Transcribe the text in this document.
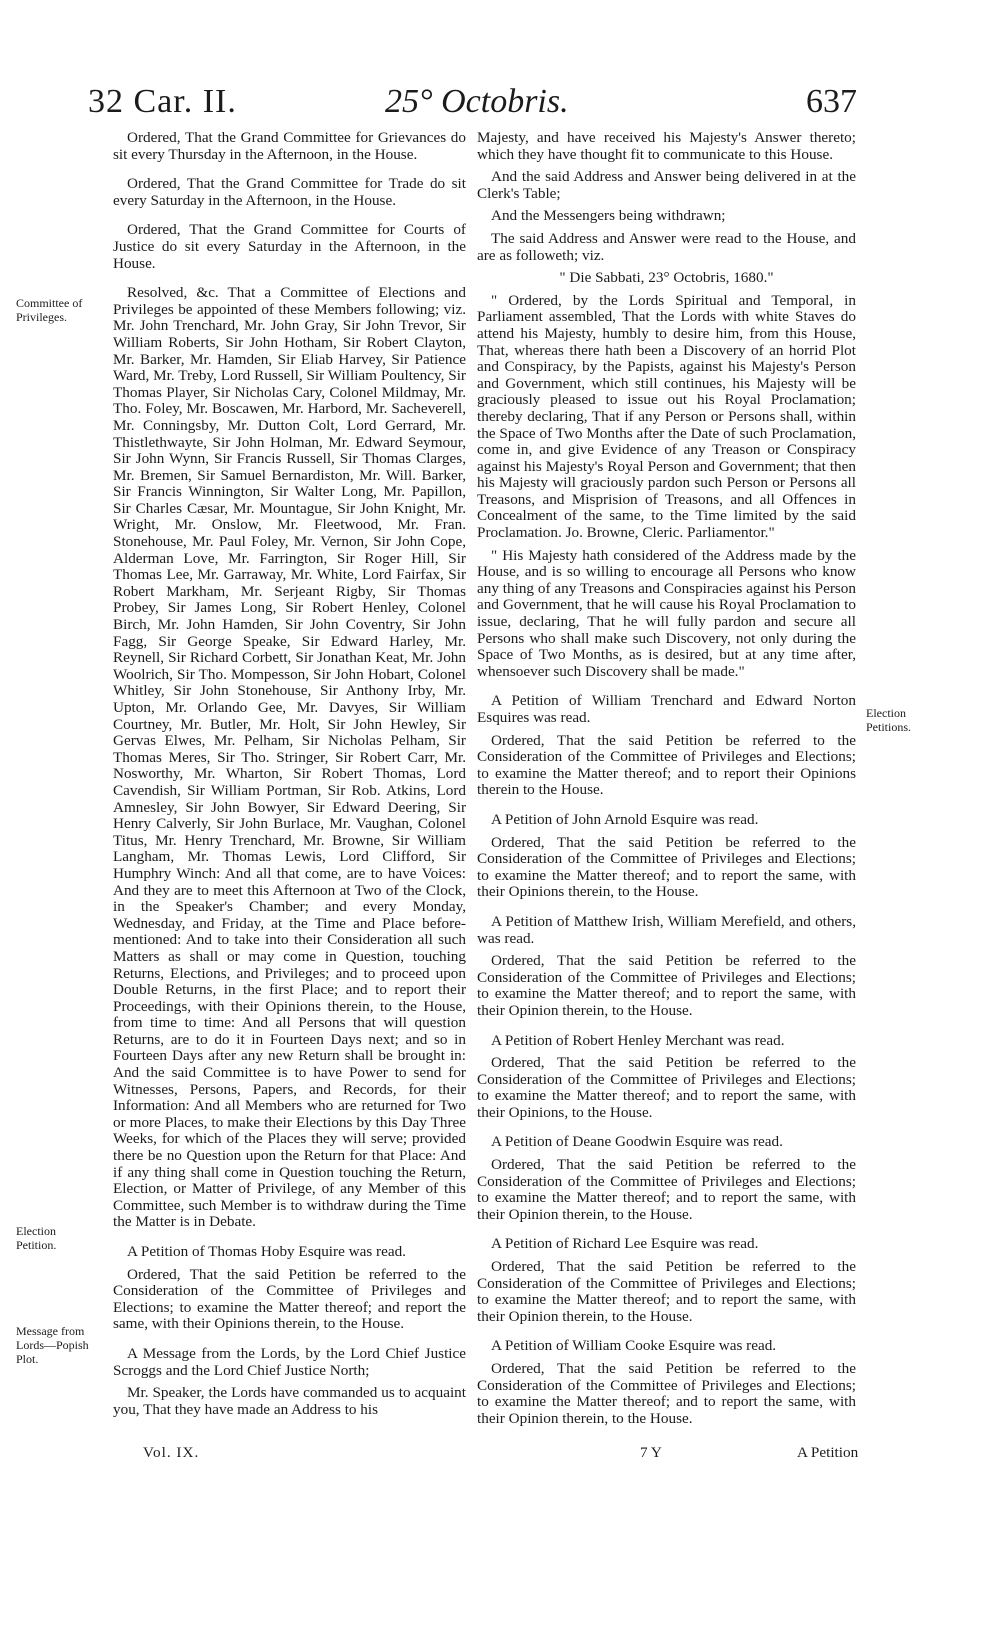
32 Car. II.	25° Octobris.	637
Committee of Privileges.
Election Petition.
Message from Lords—Popish Plot.
Election Petitions.

Ordered, That the Grand Committee for Grievances do sit every Thursday in the Afternoon, in the House.

Ordered, That the Grand Committee for Trade do sit every Saturday in the Afternoon, in the House.

Ordered, That the Grand Committee for Courts of Justice do sit every Saturday in the Afternoon, in the House.

Resolved, &c. That a Committee of Elections and Privileges be appointed of these Members following; viz. Mr. John Trenchard, Mr. John Gray, Sir John Trevor, Sir William Roberts, Sir John Hotham, Sir Robert Clayton, Mr. Barker, Mr. Hamden, Sir Eliab Harvey, Sir Patience Ward, Mr. Treby, Lord Russell, Sir William Poultency, Sir Thomas Player, Sir Nicholas Cary, Colonel Mildmay, Mr. Tho. Foley, Mr. Boscawen, Mr. Harbord, Mr. Sacheverell, Mr. Conningsby, Mr. Dutton Colt, Lord Gerrard, Mr. Thistlethwayte, Sir John Holman, Mr. Edward Seymour, Sir John Wynn, Sir Francis Russell, Sir Thomas Clarges, Mr. Bremen, Sir Samuel Bernardiston, Mr. Will. Barker, Sir Francis Winnington, Sir Walter Long, Mr. Papillon, Sir Charles Cæsar, Mr. Mountague, Sir John Knight, Mr. Wright, Mr. Onslow, Mr. Fleetwood, Mr. Fran. Stonehouse, Mr. Paul Foley, Mr. Vernon, Sir John Cope, Alderman Love, Mr. Farrington, Sir Roger Hill, Sir Thomas Lee, Mr. Garraway, Mr. White, Lord Fairfax, Sir Robert Markham, Mr. Serjeant Rigby, Sir Thomas Probey, Sir James Long, Sir Robert Henley, Colonel Birch, Mr. John Hamden, Sir John Coventry, Sir John Fagg, Sir George Speake, Sir Edward Harley, Mr. Reynell, Sir Richard Corbett, Sir Jonathan Keat, Mr. John Woolrich, Sir Tho. Mompesson, Sir John Hobart, Colonel Whitley, Sir John Stonehouse, Sir Anthony Irby, Mr. Upton, Mr. Orlando Gee, Mr. Davyes, Sir William Courtney, Mr. Butler, Mr. Holt, Sir John Hewley, Sir Gervas Elwes, Mr. Pelham, Sir Nicholas Pelham, Sir Thomas Meres, Sir Tho. Stringer, Sir Robert Carr, Mr. Nosworthy, Mr. Wharton, Sir Robert Thomas, Lord Cavendish, Sir William Portman, Sir Rob. Atkins, Lord Amnesley, Sir John Bowyer, Sir Edward Deering, Sir Henry Calverly, Sir John Burlace, Mr. Vaughan, Colonel Titus, Mr. Henry Trenchard, Mr. Browne, Sir William Langham, Mr. Thomas Lewis, Lord Clifford, Sir Humphry Winch: And all that come, are to have Voices: And they are to meet this Afternoon at Two of the Clock, in the Speaker's Chamber; and every Monday, Wednesday, and Friday, at the Time and Place before-mentioned: And to take into their Consideration all such Matters as shall or may come in Question, touching Returns, Elections, and Privileges; and to proceed upon Double Returns, in the first Place; and to report their Proceedings, with their Opinions therein, to the House, from time to time: And all Persons that will question Returns, are to do it in Fourteen Days next; and so in Fourteen Days after any new Return shall be brought in: And the said Committee is to have Power to send for Witnesses, Persons, Papers, and Records, for their Information: And all Members who are returned for Two or more Places, to make their Elections by this Day Three Weeks, for which of the Places they will serve; provided there be no Question upon the Return for that Place: And if any thing shall come in Question touching the Return, Election, or Matter of Privilege, of any Member of this Committee, such Member is to withdraw during the Time the Matter is in Debate.

A Petition of Thomas Hoby Esquire was read.

Ordered, That the said Petition be referred to the Consideration of the Committee of Privileges and Elections; to examine the Matter thereof; and report the same, with their Opinions therein, to the House.

A Message from the Lords, by the Lord Chief Justice Scroggs and the Lord Chief Justice North;

Mr. Speaker, the Lords have commanded us to acquaint you, That they have made an Address to his

Majesty, and have received his Majesty's Answer thereto; which they have thought fit to communicate to this House.

And the said Address and Answer being delivered in at the Clerk's Table;

And the Messengers being withdrawn;

The said Address and Answer were read to the House, and are as followeth; viz.

" Die Sabbati, 23° Octobris, 1680."

" Ordered, by the Lords Spiritual and Temporal, in Parliament assembled, That the Lords with white Staves do attend his Majesty, humbly to desire him, from this House, That, whereas there hath been a Discovery of an horrid Plot and Conspiracy, by the Papists, against his Majesty's Person and Government, which still continues, his Majesty will be graciously pleased to issue out his Royal Proclamation; thereby declaring, That if any Person or Persons shall, within the Space of Two Months after the Date of such Proclamation, come in, and give Evidence of any Treason or Conspiracy against his Majesty's Royal Person and Government; that then his Majesty will graciously pardon such Person or Persons all Treasons, and Misprision of Treasons, and all Offences in Concealment of the same, to the Time limited by the said Proclamation. Jo. Browne, Cleric. Parliamentor."

" His Majesty hath considered of the Address made by the House, and is so willing to encourage all Persons who know any thing of any Treasons and Conspiracies against his Person and Government, that he will cause his Royal Proclamation to issue, declaring, That he will fully pardon and secure all Persons who shall make such Discovery, not only during the Space of Two Months, as is desired, but at any time after, whensoever such Discovery shall be made."

A Petition of William Trenchard and Edward Norton Esquires was read.

Ordered, That the said Petition be referred to the Consideration of the Committee of Privileges and Elections; to examine the Matter thereof; and to report their Opinions therein to the House.

A Petition of John Arnold Esquire was read.

Ordered, That the said Petition be referred to the Consideration of the Committee of Privileges and Elections; to examine the Matter thereof; and to report the same, with their Opinions therein, to the House.

A Petition of Matthew Irish, William Merefield, and others, was read.

Ordered, That the said Petition be referred to the Consideration of the Committee of Privileges and Elections; to examine the Matter thereof; and to report the same, with their Opinion therein, to the House.

A Petition of Robert Henley Merchant was read.

Ordered, That the said Petition be referred to the Consideration of the Committee of Privileges and Elections; to examine the Matter thereof; and to report the same, with their Opinions, to the House.

A Petition of Deane Goodwin Esquire was read.

Ordered, That the said Petition be referred to the Consideration of the Committee of Privileges and Elections; to examine the Matter thereof; and to report the same, with their Opinion therein, to the House.

A Petition of Richard Lee Esquire was read.

Ordered, That the said Petition be referred to the Consideration of the Committee of Privileges and Elections; to examine the Matter thereof; and to report the same, with their Opinion therein, to the House.

A Petition of William Cooke Esquire was read.

Ordered, That the said Petition be referred to the Consideration of the Committee of Privileges and Elections; to examine the Matter thereof; and to report the same, with their Opinion therein, to the House.

Vol. IX.	7 Y	A Petition
